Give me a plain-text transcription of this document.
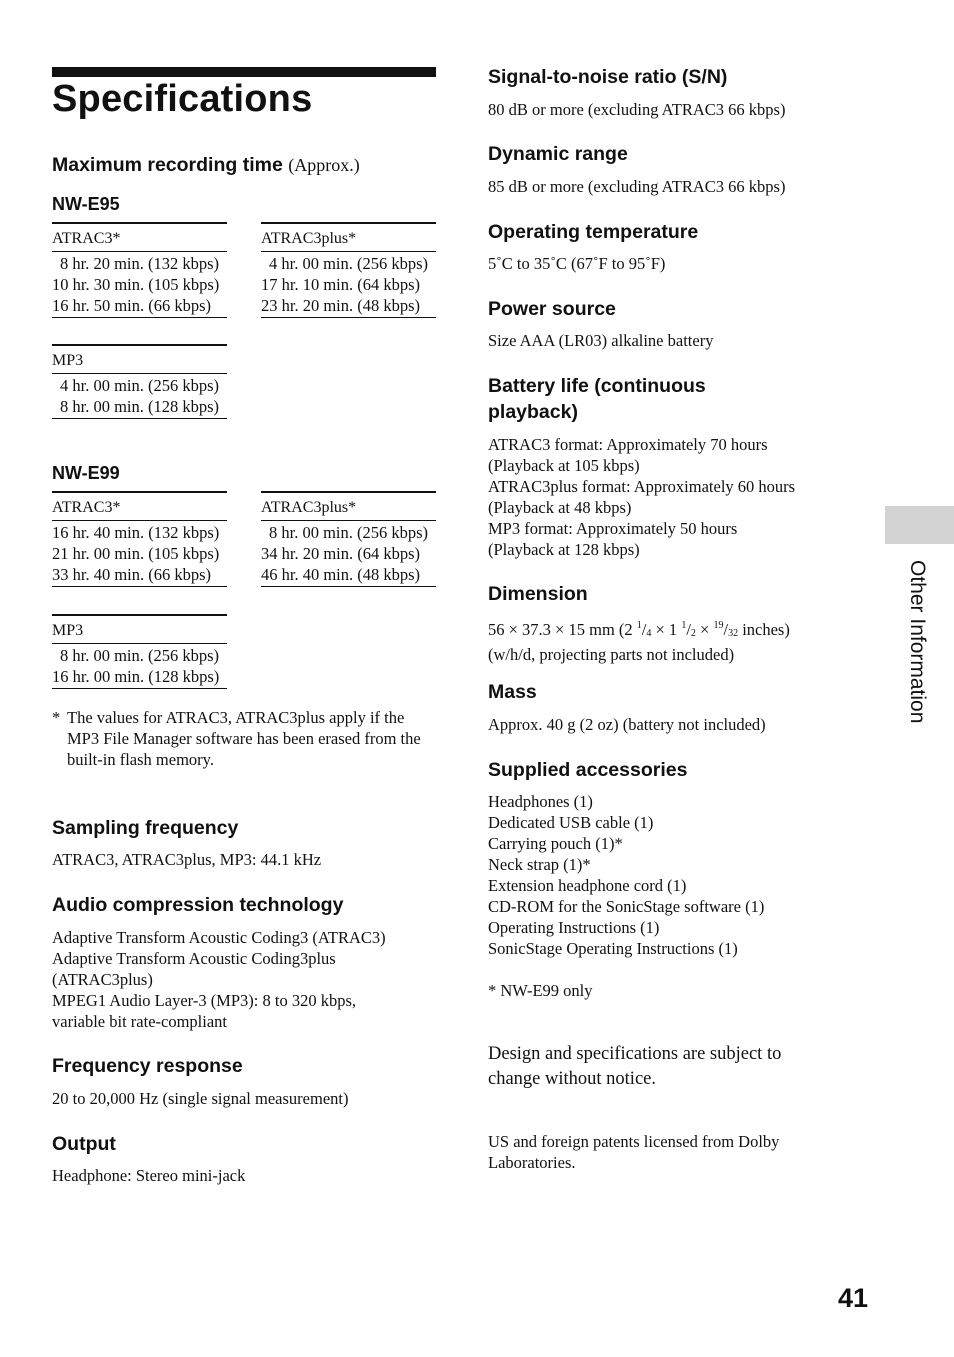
Specifications
Maximum recording time (Approx.)
NW-E95
ATRAC3*
8 hr. 20 min. (132 kbps)
10 hr. 30 min. (105 kbps)
16 hr. 50 min. (66 kbps)
ATRAC3plus*
4 hr. 00 min. (256 kbps)
17 hr. 10 min. (64 kbps)
23 hr. 20 min. (48 kbps)
MP3
4 hr. 00 min. (256 kbps)
8 hr. 00 min. (128 kbps)
NW-E99
ATRAC3*
16 hr. 40 min. (132 kbps)
21 hr. 00 min. (105 kbps)
33 hr. 40 min. (66 kbps)
ATRAC3plus*
8 hr. 00 min. (256 kbps)
34 hr. 20 min. (64 kbps)
46 hr. 40 min. (48 kbps)
MP3
8 hr. 00 min. (256 kbps)
16 hr. 00 min. (128 kbps)
* The values for ATRAC3, ATRAC3plus apply if the MP3 File Manager software has been erased from the built-in flash memory.
Sampling frequency
ATRAC3, ATRAC3plus, MP3: 44.1 kHz
Audio compression technology
Adaptive Transform Acoustic Coding3 (ATRAC3)
Adaptive Transform Acoustic Coding3plus
(ATRAC3plus)
MPEG1 Audio Layer-3 (MP3): 8 to 320 kbps,
variable bit rate-compliant
Frequency response
20 to 20,000 Hz (single signal measurement)
Output
Headphone: Stereo mini-jack
Signal-to-noise ratio (S/N)
80 dB or more (excluding ATRAC3 66 kbps)
Dynamic range
85 dB or more (excluding ATRAC3 66 kbps)
Operating temperature
5˚C to 35˚C (67˚F to 95˚F)
Power source
Size AAA (LR03) alkaline battery
Battery life (continuous
playback)
ATRAC3 format: Approximately 70 hours
(Playback at 105 kbps)
ATRAC3plus format: Approximately 60 hours
(Playback at 48 kbps)
MP3 format: Approximately 50 hours
(Playback at 128 kbps)
Dimension
56 × 37.3 × 15 mm (2 $^1/_4 \times 1$ $^1/_2 \times ^{19}/_{32}$ inches)
(w/h/d, projecting parts not included)
Mass
Approx. 40 g (2 oz) (battery not included)
Supplied accessories
Headphones (1)
Dedicated USB cable (1)
Carrying pouch (1)*
Neck strap (1)*
Extension headphone cord (1)
CD-ROM for the SonicStage software (1)
Operating Instructions (1)
SonicStage Operating Instructions (1)
* NW-E99 only
Design and specifications are subject to
change without notice.
US and foreign patents licensed from Dolby
Laboratories.
Other Information
41
